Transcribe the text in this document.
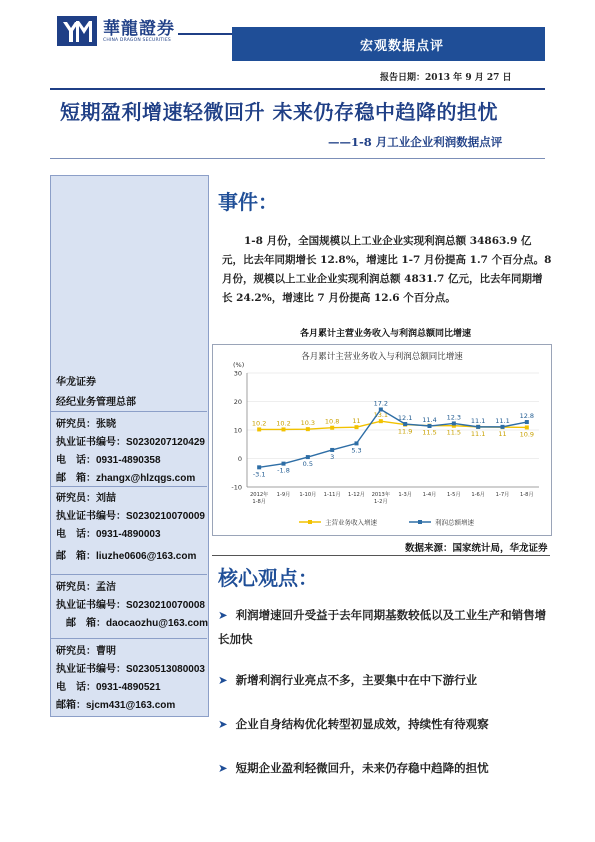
華龍證券
CHINA DRAGON SECURITIES	宏观数据点评
报告日期：2013 年 9 月 27 日
短期盈利增速轻微回升 未来仍存稳中趋降的担忧
——1-8 月工业企业利润数据点评
华龙证券
经纪业务管理总部
研究员：张晓
执业证书编号：S0230207120429
电　话：0931-4890358
邮　箱：zhangx@hlzqgs.com
研究员：刘喆
执业证书编号：S0230210070009
电　话：0931-4890003
邮　箱：liuzhe0606@163.com
研究员：孟洁
执业证书编号：S0230210070008
邮　箱：daocaozhu@163.com
研究员：曹明
执业证书编号：S0230513080003
电　话：0931-4890521
邮箱：sjcm431@163.com
事件：
1-8 月份，全国规模以上工业企业实现利润总额 34863.9 亿元，比去年同期增长 12.8%，增速比 1-7 月份提高 1.7 个百分点。8 月份，规模以上工业企业实现利润总额 4831.7 亿元，比去年同期增长 24.2%，增速比 7 月份提高 12.6 个百分点。
各月累计主营业务收入与利润总额同比增速
各月累计主营业务收入与利润总额同比增速
(%)
-10
0
10
20
30
2012年
1-8月
1-9月 1-10月 1-11月 1-12月 2013年
1-2月
1-3月 1-4月 1-5月 1-6月 1-7月 1-8月
10.2 10.2 10.3 10.8 11
13.1
11.9 11.5 11.5 11.1 11 10.9
-3.1 -1.8
0.5
3
5.3
17.2
12.1 11.4 12.3 11.1 11.1
12.8
主营业务收入增速	利润总额增速
数据来源：国家统计局，华龙证券
核心观点：
➤ 利润增速回升受益于去年同期基数较低以及工业生产和销售增长加快
➤ 新增利润行业亮点不多，主要集中在中下游行业
➤ 企业自身结构优化转型初显成效，持续性有待观察
➤ 短期企业盈利轻微回升，未来仍存稳中趋降的担忧
